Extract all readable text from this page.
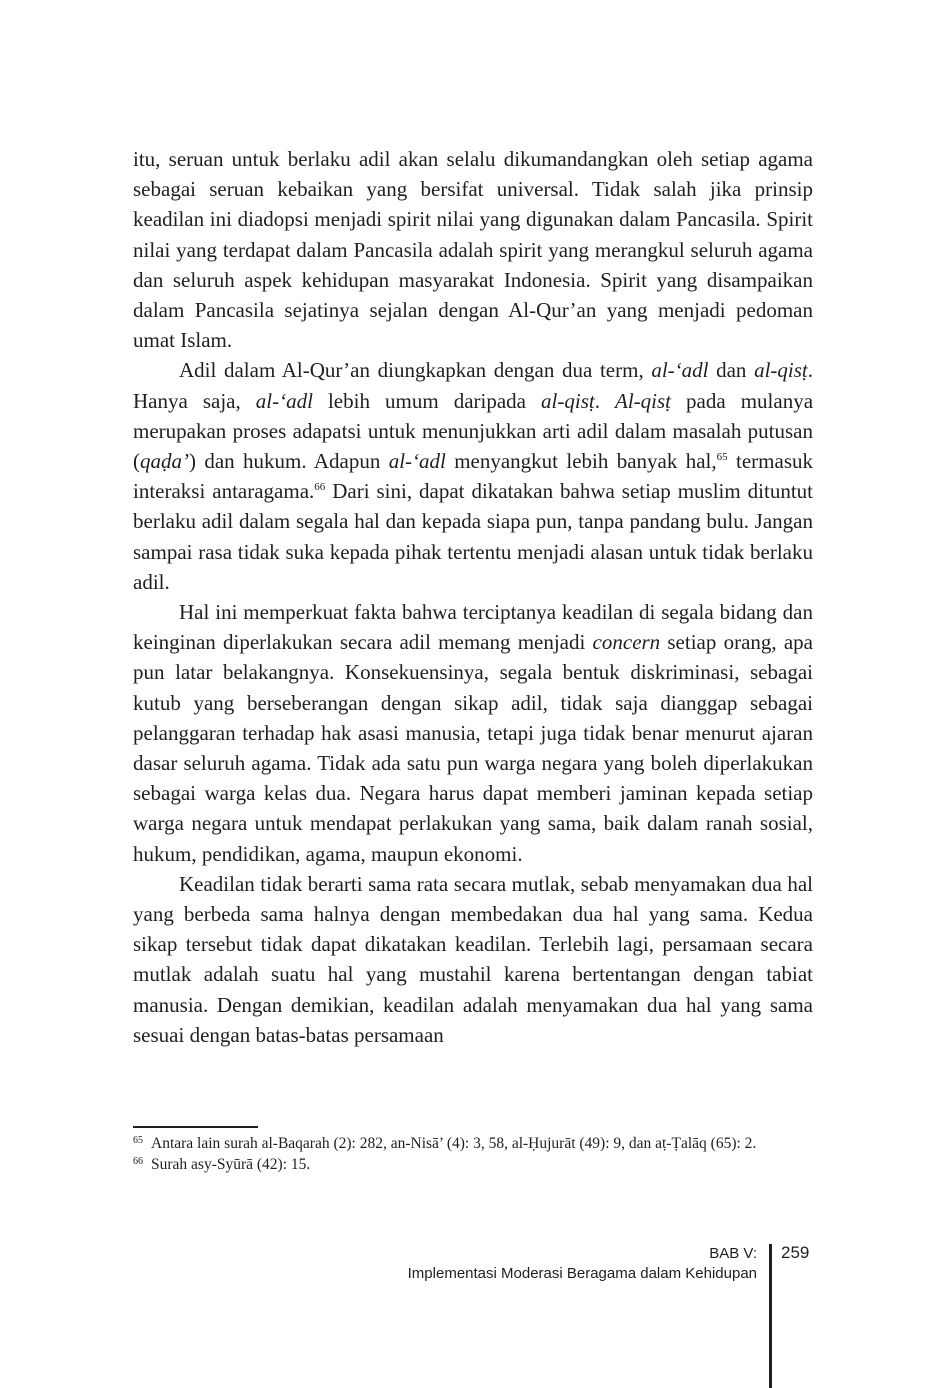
itu, seruan untuk berlaku adil akan selalu dikumandangkan oleh setiap agama sebagai seruan kebaikan yang bersifat universal. Tidak salah jika prinsip keadilan ini diadopsi menjadi spirit nilai yang digunakan dalam Pancasila. Spirit nilai yang terdapat dalam Pancasila adalah spirit yang merangkul seluruh agama dan seluruh aspek kehidupan masyarakat Indonesia. Spirit yang disampaikan dalam Pancasila sejatinya sejalan dengan Al-Qur’an yang menjadi pedoman umat Islam.

Adil dalam Al-Qur’an diungkapkan dengan dua term, al-‘adl dan al-qisṭ. Hanya saja, al-‘adl lebih umum daripada al-qisṭ. Al-qisṭ pada mulanya merupakan proses adapatsi untuk menunjukkan arti adil dalam masalah putusan (qaḍa’) dan hukum. Adapun al-‘adl menyangkut lebih banyak hal,$^{65}$ termasuk interaksi antaragama.$^{66}$ Dari sini, dapat dikatakan bahwa setiap muslim dituntut berlaku adil dalam segala hal dan kepada siapa pun, tanpa pandang bulu. Jangan sampai rasa tidak suka kepada pihak tertentu menjadi alasan untuk tidak berlaku adil.

Hal ini memperkuat fakta bahwa terciptanya keadilan di segala bidang dan keinginan diperlakukan secara adil memang menjadi concern setiap orang, apa pun latar belakangnya. Konsekuensinya, segala bentuk diskriminasi, sebagai kutub yang berseberangan dengan sikap adil, tidak saja dianggap sebagai pelanggaran terhadap hak asasi manusia, tetapi juga tidak benar menurut ajaran dasar seluruh agama. Tidak ada satu pun warga negara yang boleh diperlakukan sebagai warga kelas dua. Negara harus dapat memberi jaminan kepada setiap warga negara untuk mendapat perlakukan yang sama, baik dalam ranah sosial, hukum, pendidikan, agama, maupun ekonomi.

Keadilan tidak berarti sama rata secara mutlak, sebab menyamakan dua hal yang berbeda sama halnya dengan membedakan dua hal yang sama. Kedua sikap tersebut tidak dapat dikatakan keadilan. Terlebih lagi, persamaan secara mutlak adalah suatu hal yang mustahil karena bertentangan dengan tabiat manusia. Dengan demikian, keadilan adalah menyamakan dua hal yang sama sesuai dengan batas-batas persamaan

65 Antara lain surah al-Baqarah (2): 282, an-Nisā’ (4): 3, 58, al-Ḥujurāt (49): 9, dan aṭ-Ṭalāq (65): 2.

66 Surah asy-Syūrā (42): 15.

BAB V:
Implementasi Moderasi Beragama dalam Kehidupan
259
